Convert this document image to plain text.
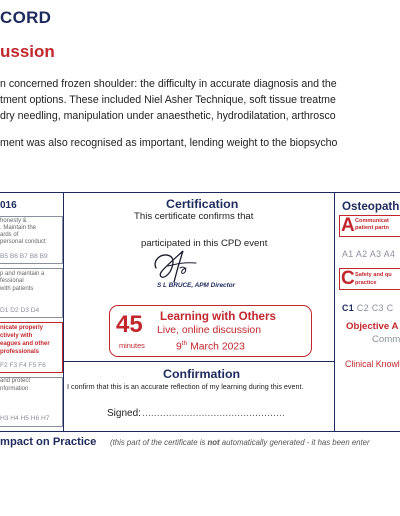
CORD
ussion
n concerned frozen shoulder: the difficulty in accurate diagnosis and the
tment options. These included Niel Asher Technique, soft tissue treatme
dry needling, manipulation under anaesthetic, hydrodilatation, arthrosco
ment was also recognised as important, lending weight to the biopsycho
016
honesty &
. Maintain the
ards of
personal conduct
B5 B6 B7 B8 B9
p and maintain a
fessional
with patients
D1 D2 D3 D4
nicate properly
ctively with
eagues and other
professionals
F2 F3 F4 F5 F6
and protect
nformation
H3 H4 H5 H6 H7
Certification
This certificate confirms that
participated in this CPD event
S L BRUCE, APM Director
45
minutes
Learning with Others
Live, online discussion
9th March 2023
Confirmation
I confirm that this is an accurate reflection of my learning during this event.
Signed: ................................................
Osteopath
A Communicat
patient partn
A1 A2 A3 A4
C Safety and qu
practice
C1 C2 C3 C
Objective A
Comm
Clinical Knowl
mpact on Practice (this part of the certificate is not automatically generated - it has been enter
